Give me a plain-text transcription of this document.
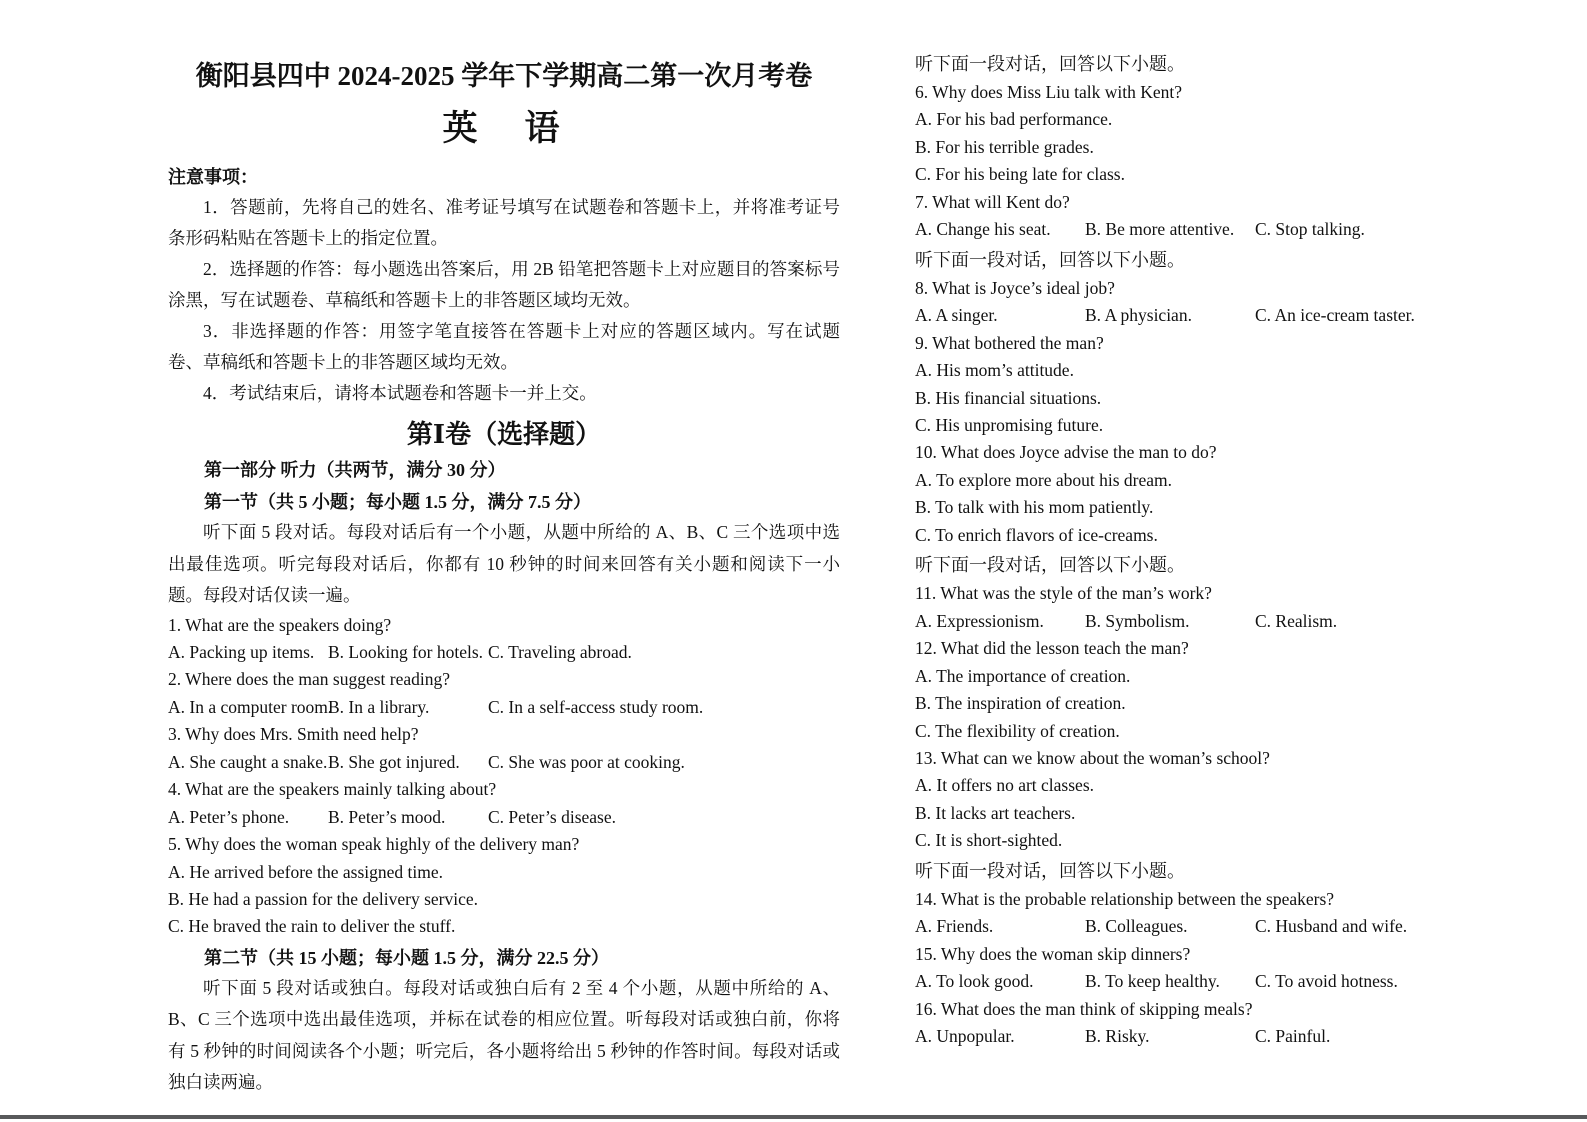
衡阳县四中 2024-2025 学年下学期高二第一次月考卷
英　语

注意事项：

1．答题前，先将自己的姓名、准考证号填写在试题卷和答题卡上，并将准考证号条形码粘贴在答题卡上的指定位置。

2．选择题的作答：每小题选出答案后，用 2B 铅笔把答题卡上对应题目的答案标号涂黑，写在试题卷、草稿纸和答题卡上的非答题区域均无效。

3．非选择题的作答：用签字笔直接答在答题卡上对应的答题区域内。写在试题卷、草稿纸和答题卡上的非答题区域均无效。

4．考试结束后，请将本试题卷和答题卡一并上交。

第Ⅰ卷（选择题）

第一部分 听力（共两节，满分 30 分）

第一节（共 5 小题；每小题 1.5 分，满分 7.5 分）

听下面 5 段对话。每段对话后有一个小题，从题中所给的 A、B、C 三个选项中选出最佳选项。听完每段对话后，你都有 10 秒钟的时间来回答有关小题和阅读下一小题。每段对话仅读一遍。

1. What are the speakers doing?

A. Packing up items. B. Looking for hotels. C. Traveling abroad.

2. Where does the man suggest reading?

A. In a computer room.
B. In a library.	C. In a self-access study room.

3. Why does Mrs. Smith need help?

A. She caught a snake. B. She got injured.	C. She was poor at cooking.

4. What are the speakers mainly talking about?

A. Peter’s phone.	B. Peter’s mood.	C. Peter’s disease.

5. Why does the woman speak highly of the delivery man?

A. He arrived before the assigned time.

B. He had a passion for the delivery service.

C. He braved the rain to deliver the stuff.

第二节（共 15 小题；每小题 1.5 分，满分 22.5 分）

听下面 5 段对话或独白。每段对话或独白后有 2 至 4 个小题，从题中所给的 A、B、C 三个选项中选出最佳选项，并标在试卷的相应位置。听每段对话或独白前，你将有 5 秒钟的时间阅读各个小题；听完后，各小题将给出 5 秒钟的作答时间。每段对话或独白读两遍。

听下面一段对话，回答以下小题。

6. Why does Miss Liu talk with Kent?

A. For his bad performance.

B. For his terrible grades.

C. For his being late for class.

7. What will Kent do?

A. Change his seat.	B. Be more attentive.	C. Stop talking.

听下面一段对话，回答以下小题。

8. What is Joyce’s ideal job?

A. A singer.	B. A physician.	C. An ice-cream taster.

9. What bothered the man?

A. His mom’s attitude.

B. His financial situations.

C. His unpromising future.

10. What does Joyce advise the man to do?

A. To explore more about his dream.

B. To talk with his mom patiently.

C. To enrich flavors of ice-creams.

听下面一段对话，回答以下小题。

11. What was the style of the man’s work?

A. Expressionism.	B. Symbolism.	C. Realism.

12. What did the lesson teach the man?

A. The importance of creation.

B. The inspiration of creation.

C. The flexibility of creation.

13. What can we know about the woman’s school?

A. It offers no art classes.

B. It lacks art teachers.

C. It is short-sighted.

听下面一段对话，回答以下小题。

14. What is the probable relationship between the speakers?

A. Friends.	B. Colleagues.	C. Husband and wife.

15. Why does the woman skip dinners?

A. To look good.	B. To keep healthy.	C. To avoid hotness.

16. What does the man think of skipping meals?

A. Unpopular.	B. Risky.	C. Painful.
